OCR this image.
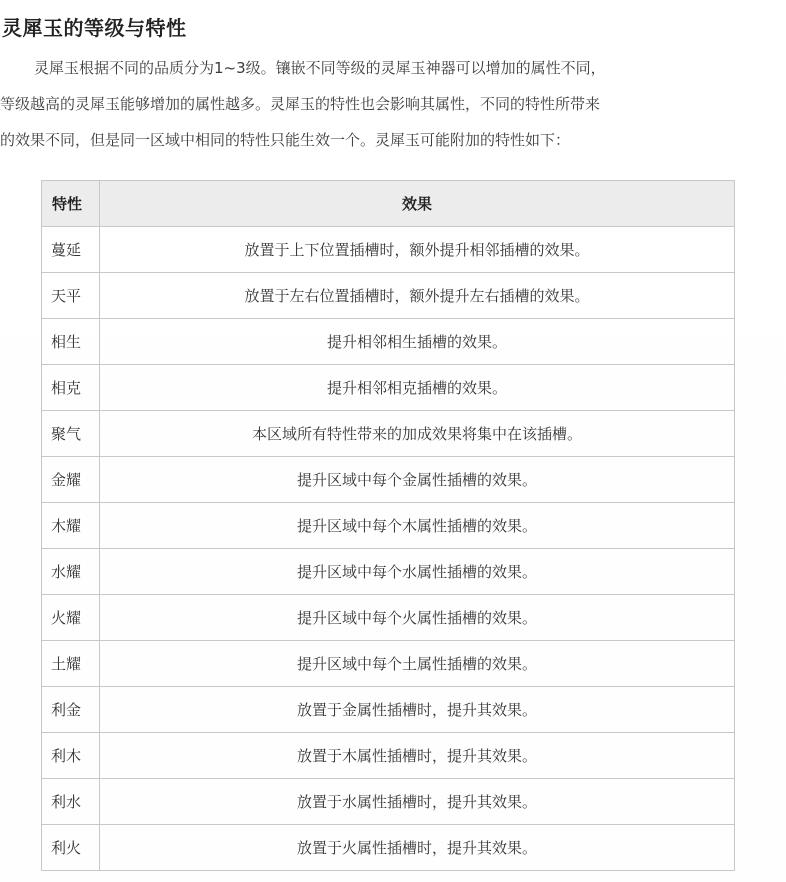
灵犀玉的等级与特性
灵犀玉根据不同的品质分为1~3级。镶嵌不同等级的灵犀玉神器可以增加的属性不同，
等级越高的灵犀玉能够增加的属性越多。灵犀玉的特性也会影响其属性，不同的特性所带来
的效果不同，但是同一区域中相同的特性只能生效一个。灵犀玉可能附加的特性如下：
特性	效果
蔓延	放置于上下位置插槽时，额外提升相邻插槽的效果。
天平	放置于左右位置插槽时，额外提升左右插槽的效果。
相生	提升相邻相生插槽的效果。
相克	提升相邻相克插槽的效果。
聚气	本区域所有特性带来的加成效果将集中在该插槽。
金耀	提升区域中每个金属性插槽的效果。
木耀	提升区域中每个木属性插槽的效果。
水耀	提升区域中每个水属性插槽的效果。
火耀	提升区域中每个火属性插槽的效果。
土耀	提升区域中每个土属性插槽的效果。
利金	放置于金属性插槽时，提升其效果。
利木	放置于木属性插槽时，提升其效果。
利水	放置于水属性插槽时，提升其效果。
利火	放置于火属性插槽时，提升其效果。
